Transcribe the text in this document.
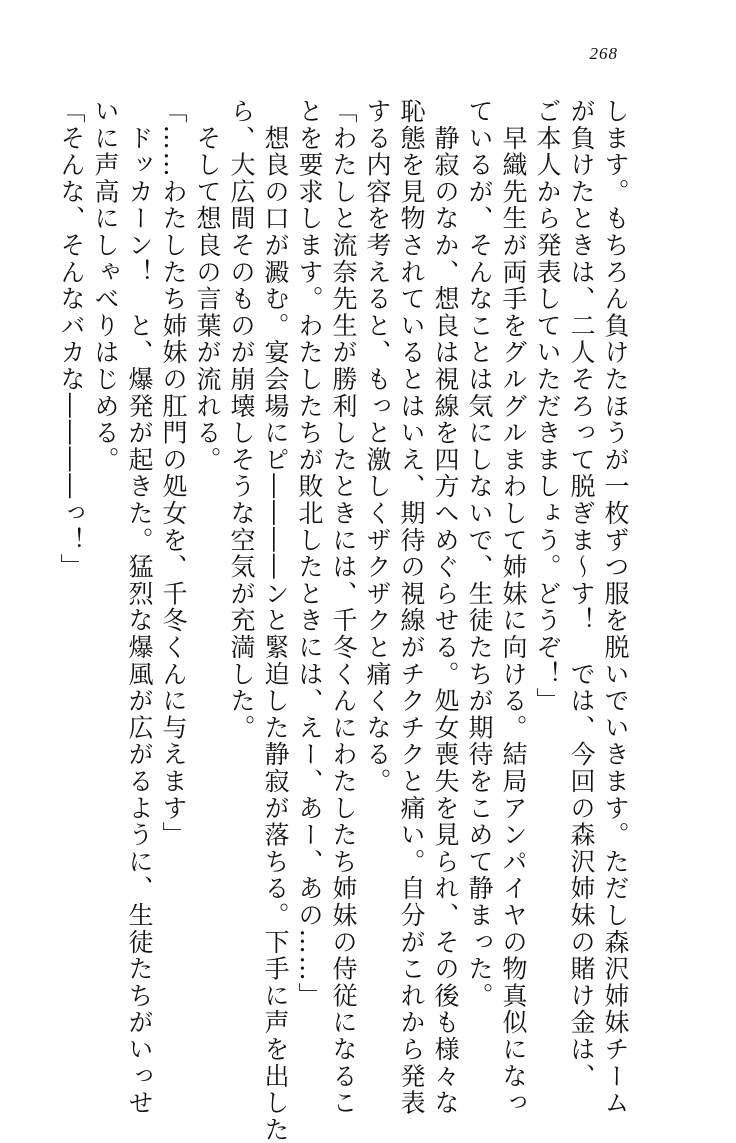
268

します。もちろん負けたほうが一枚ずつ服を脱いでいきます。ただし森沢姉妹チーム

が負けたときは、二人そろって脱ぎま～す！　では、今回の森沢姉妹の賭け金は、

ご本人から発表していただきましょう。どうぞ！」

　早織先生が両手をグルグルまわして姉妹に向ける。結局アンパイヤの物真似になっ

ているが、そんなことは気にしないで、生徒たちが期待をこめて静まった。

　静寂のなか、想良は視線を四方へめぐらせる。処女喪失を見られ、その後も様々な

恥態を見物されているとはいえ、期待の視線がチクチクと痛い。自分がこれから発表

する内容を考えると、もっと激しくザクザクと痛くなる。

「わたしと流奈先生が勝利したときには、千冬くんにわたしたち姉妹の侍従になるこ

とを要求します。わたしたちが敗北したときには、えー、あー、あの……」

　想良の口が澱む。宴会場にピ――――ンと緊迫した静寂が落ちる。下手に声を出した

ら、大広間そのものが崩壊しそうな空気が充満した。

　そして想良の言葉が流れる。

「……わたしたち姉妹の肛門の処女を、千冬くんに与えます」

　ドッカーン！　と、爆発が起きた。猛烈な爆風が広がるように、生徒たちがいっせ

いに声高にしゃべりはじめる。

「そんな、そんなバカな――――っ！」
